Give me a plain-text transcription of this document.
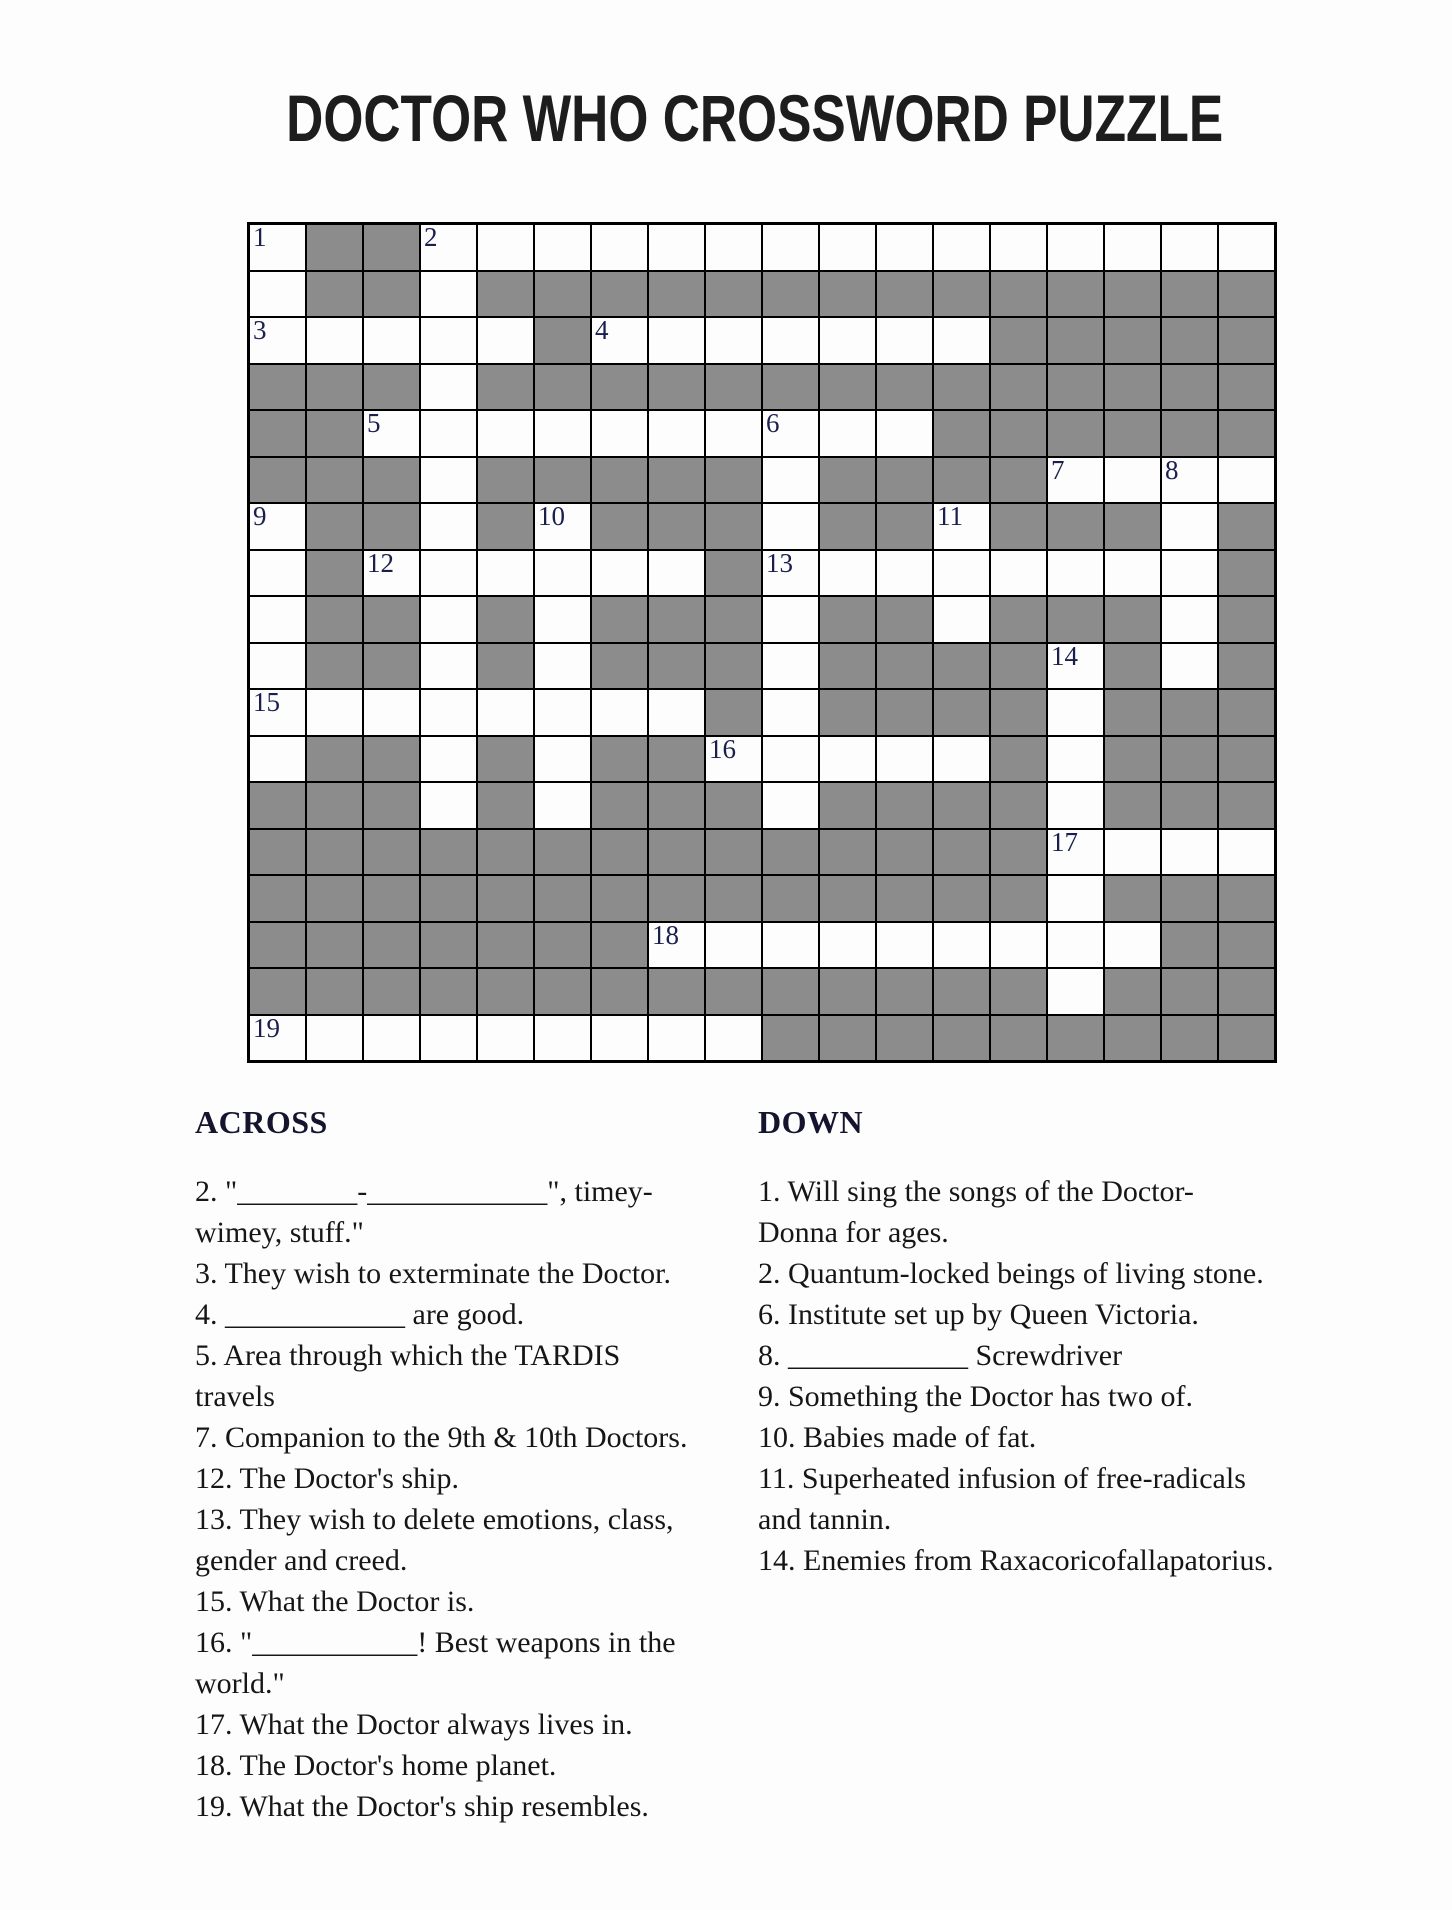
DOCTOR WHO CROSSWORD PUZZLE
1	2
3	4
5	6
7	8
9	10	11
12	13
14
15
16
17
18
19
ACROSS
2. "________-____________", timey-
wimey, stuff."
3. They wish to exterminate the Doctor.
4. ____________ are good.
5. Area through which the TARDIS
travels
7. Companion to the 9th & 10th Doctors.
12. The Doctor's ship.
13. They wish to delete emotions, class,
gender and creed.
15. What the Doctor is.
16. "___________! Best weapons in the
world."
17. What the Doctor always lives in.
18. The Doctor's home planet.
19. What the Doctor's ship resembles.
DOWN
1. Will sing the songs of the Doctor-
Donna for ages.
2. Quantum-locked beings of living stone.
6. Institute set up by Queen Victoria.
8. ____________ Screwdriver
9. Something the Doctor has two of.
10. Babies made of fat.
11. Superheated infusion of free-radicals
and tannin.
14. Enemies from Raxacoricofallapatorius.
